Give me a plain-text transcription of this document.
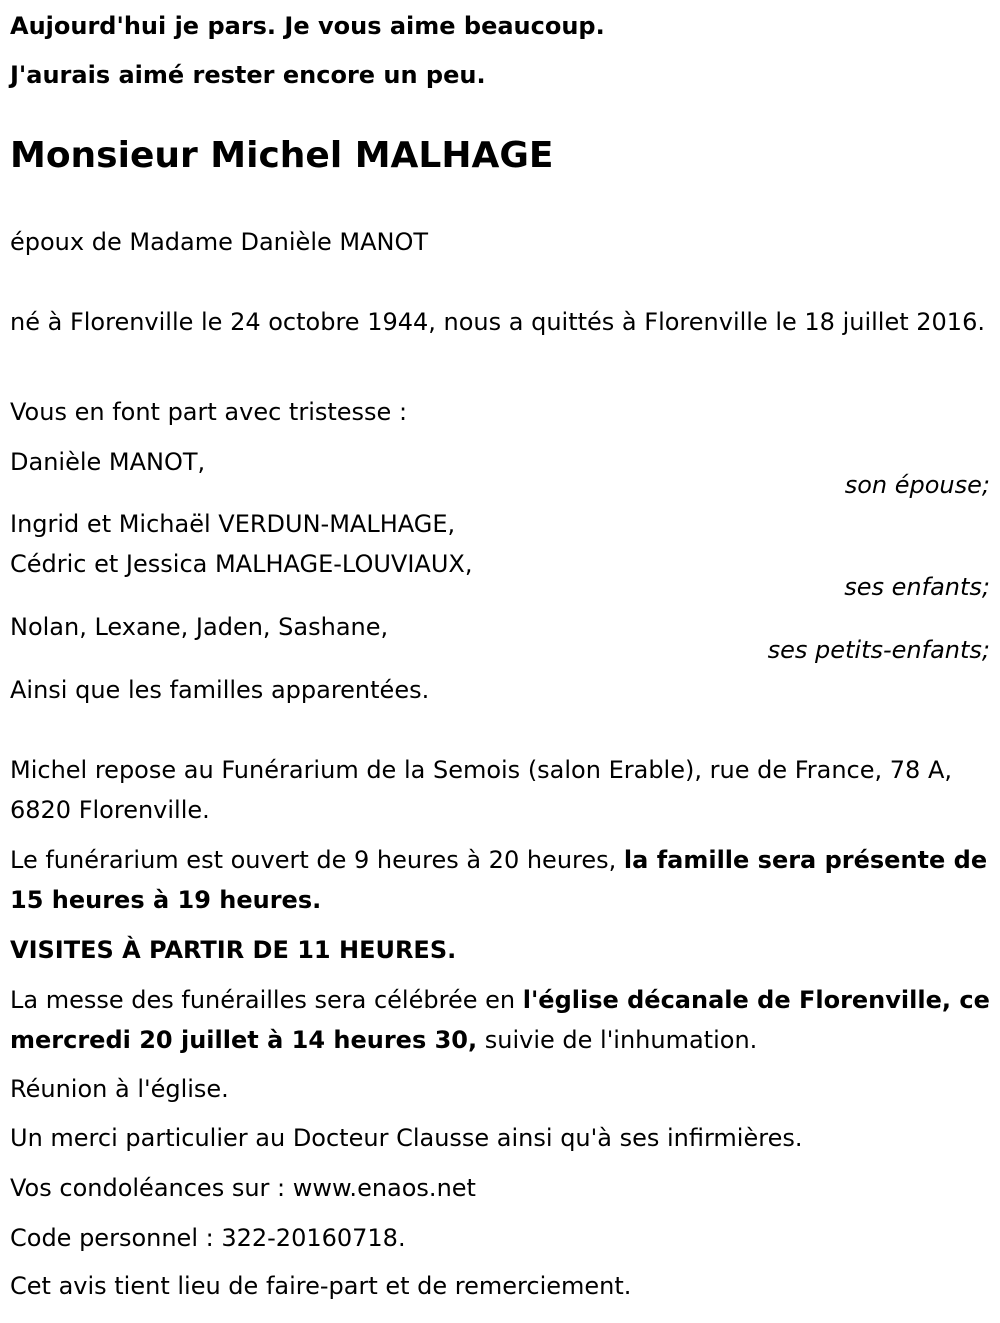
Aujourd'hui je pars. Je vous aime beaucoup.

J'aurais aimé rester encore un peu.

Monsieur Michel MALHAGE

époux de Madame Danièle MANOT

né à Florenville le 24 octobre 1944, nous a quittés à Florenville le 18 juillet 2016.

Vous en font part avec tristesse :

Danièle MANOT,

son épouse;

Ingrid et Michaël VERDUN-MALHAGE,

Cédric et Jessica MALHAGE-LOUVIAUX,

ses enfants;

Nolan, Lexane, Jaden, Sashane,

ses petits-enfants;

Ainsi que les familles apparentées.

Michel repose au Funérarium de la Semois (salon Erable), rue de France, 78 A, 6820 Florenville.

Le funérarium est ouvert de 9 heures à 20 heures, la famille sera présente de 15 heures à 19 heures.

VISITES À PARTIR DE 11 HEURES.

La messe des funérailles sera célébrée en l'église décanale de Florenville, ce mercredi 20 juillet à 14 heures 30, suivie de l'inhumation.

Réunion à l'église.

Un merci particulier au Docteur Clausse ainsi qu'à ses infirmières.

Vos condoléances sur : www.enaos.net

Code personnel : 322-20160718.

Cet avis tient lieu de faire-part et de remerciement.
